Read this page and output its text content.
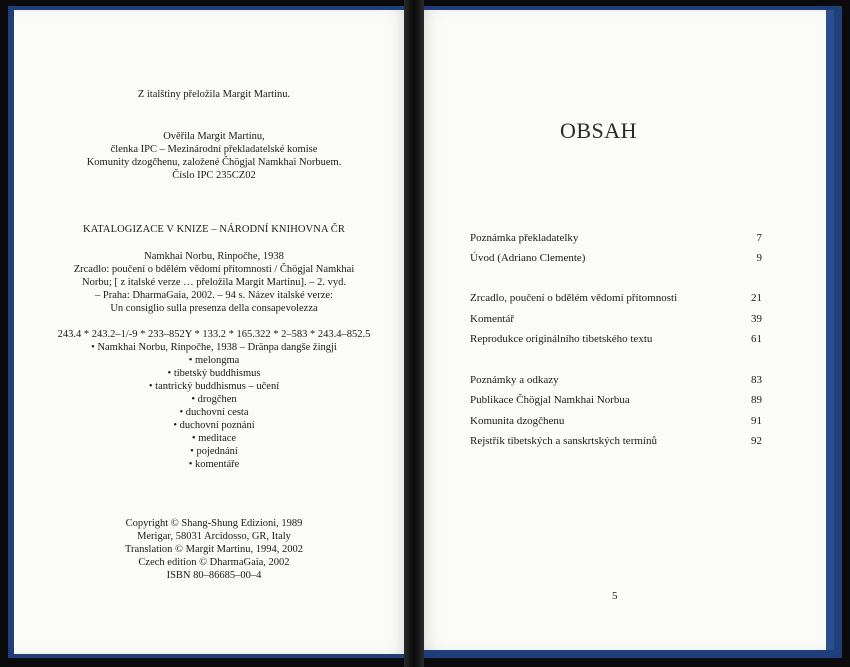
Z italštiny přeložila Margit Martinu.
Ověřila Margit Martinu,
členka IPC – Mezinárodní překladatelské komise
Komunity dzogčhenu, založené Čhögjal Namkhai Norbuem.
Číslo IPC 235CZ02
KATALOGIZACE V KNIZE – NÁRODNÍ KNIHOVNA ČR
Namkhai Norbu, Rinpočhe, 1938
Zrcadlo: poučení o bdělém vědomí přítomnosti / Čhögjal Namkhai
Norbu; [ z italské verze … přeložila Margit Martinu]. – 2. vyd.
– Praha: DharmaGaia, 2002. – 94 s. Název italské verze:
Un consiglio sulla presenza della consapevolezza
243.4 * 243.2–1/-9 * 233–852Y * 133.2 * 165.322 * 2–583 * 243.4–852.5
• Namkhai Norbu, Rinpočhe, 1938 – Dränpa dangše žingji
• melongma
• tibetský buddhismus
• tantrický buddhismus – učení
• drogčhen
• duchovní cesta
• duchovní poznání
• meditace
• pojednání
• komentáře
Copyright © Shang-Shung Edizioni, 1989
Merigar, 58031 Arcidosso, GR, Italy
Translation © Margit Martinu, 1994, 2002
Czech edition © DharmaGaia, 2002
ISBN 80–86685–00–4
OBSAH
Poznámka překladatelky	7
Úvod (Adriano Clemente)	9
Zrcadlo, poučení o bdělém vědomí přítomnosti	21
Komentář	39
Reprodukce originálního tibetského textu	61
Poznámky a odkazy	83
Publikace Čhögjal Namkhai Norbua	89
Komunita dzogčhenu	91
Rejstřík tibetských a sanskrtských termínů	92
5
